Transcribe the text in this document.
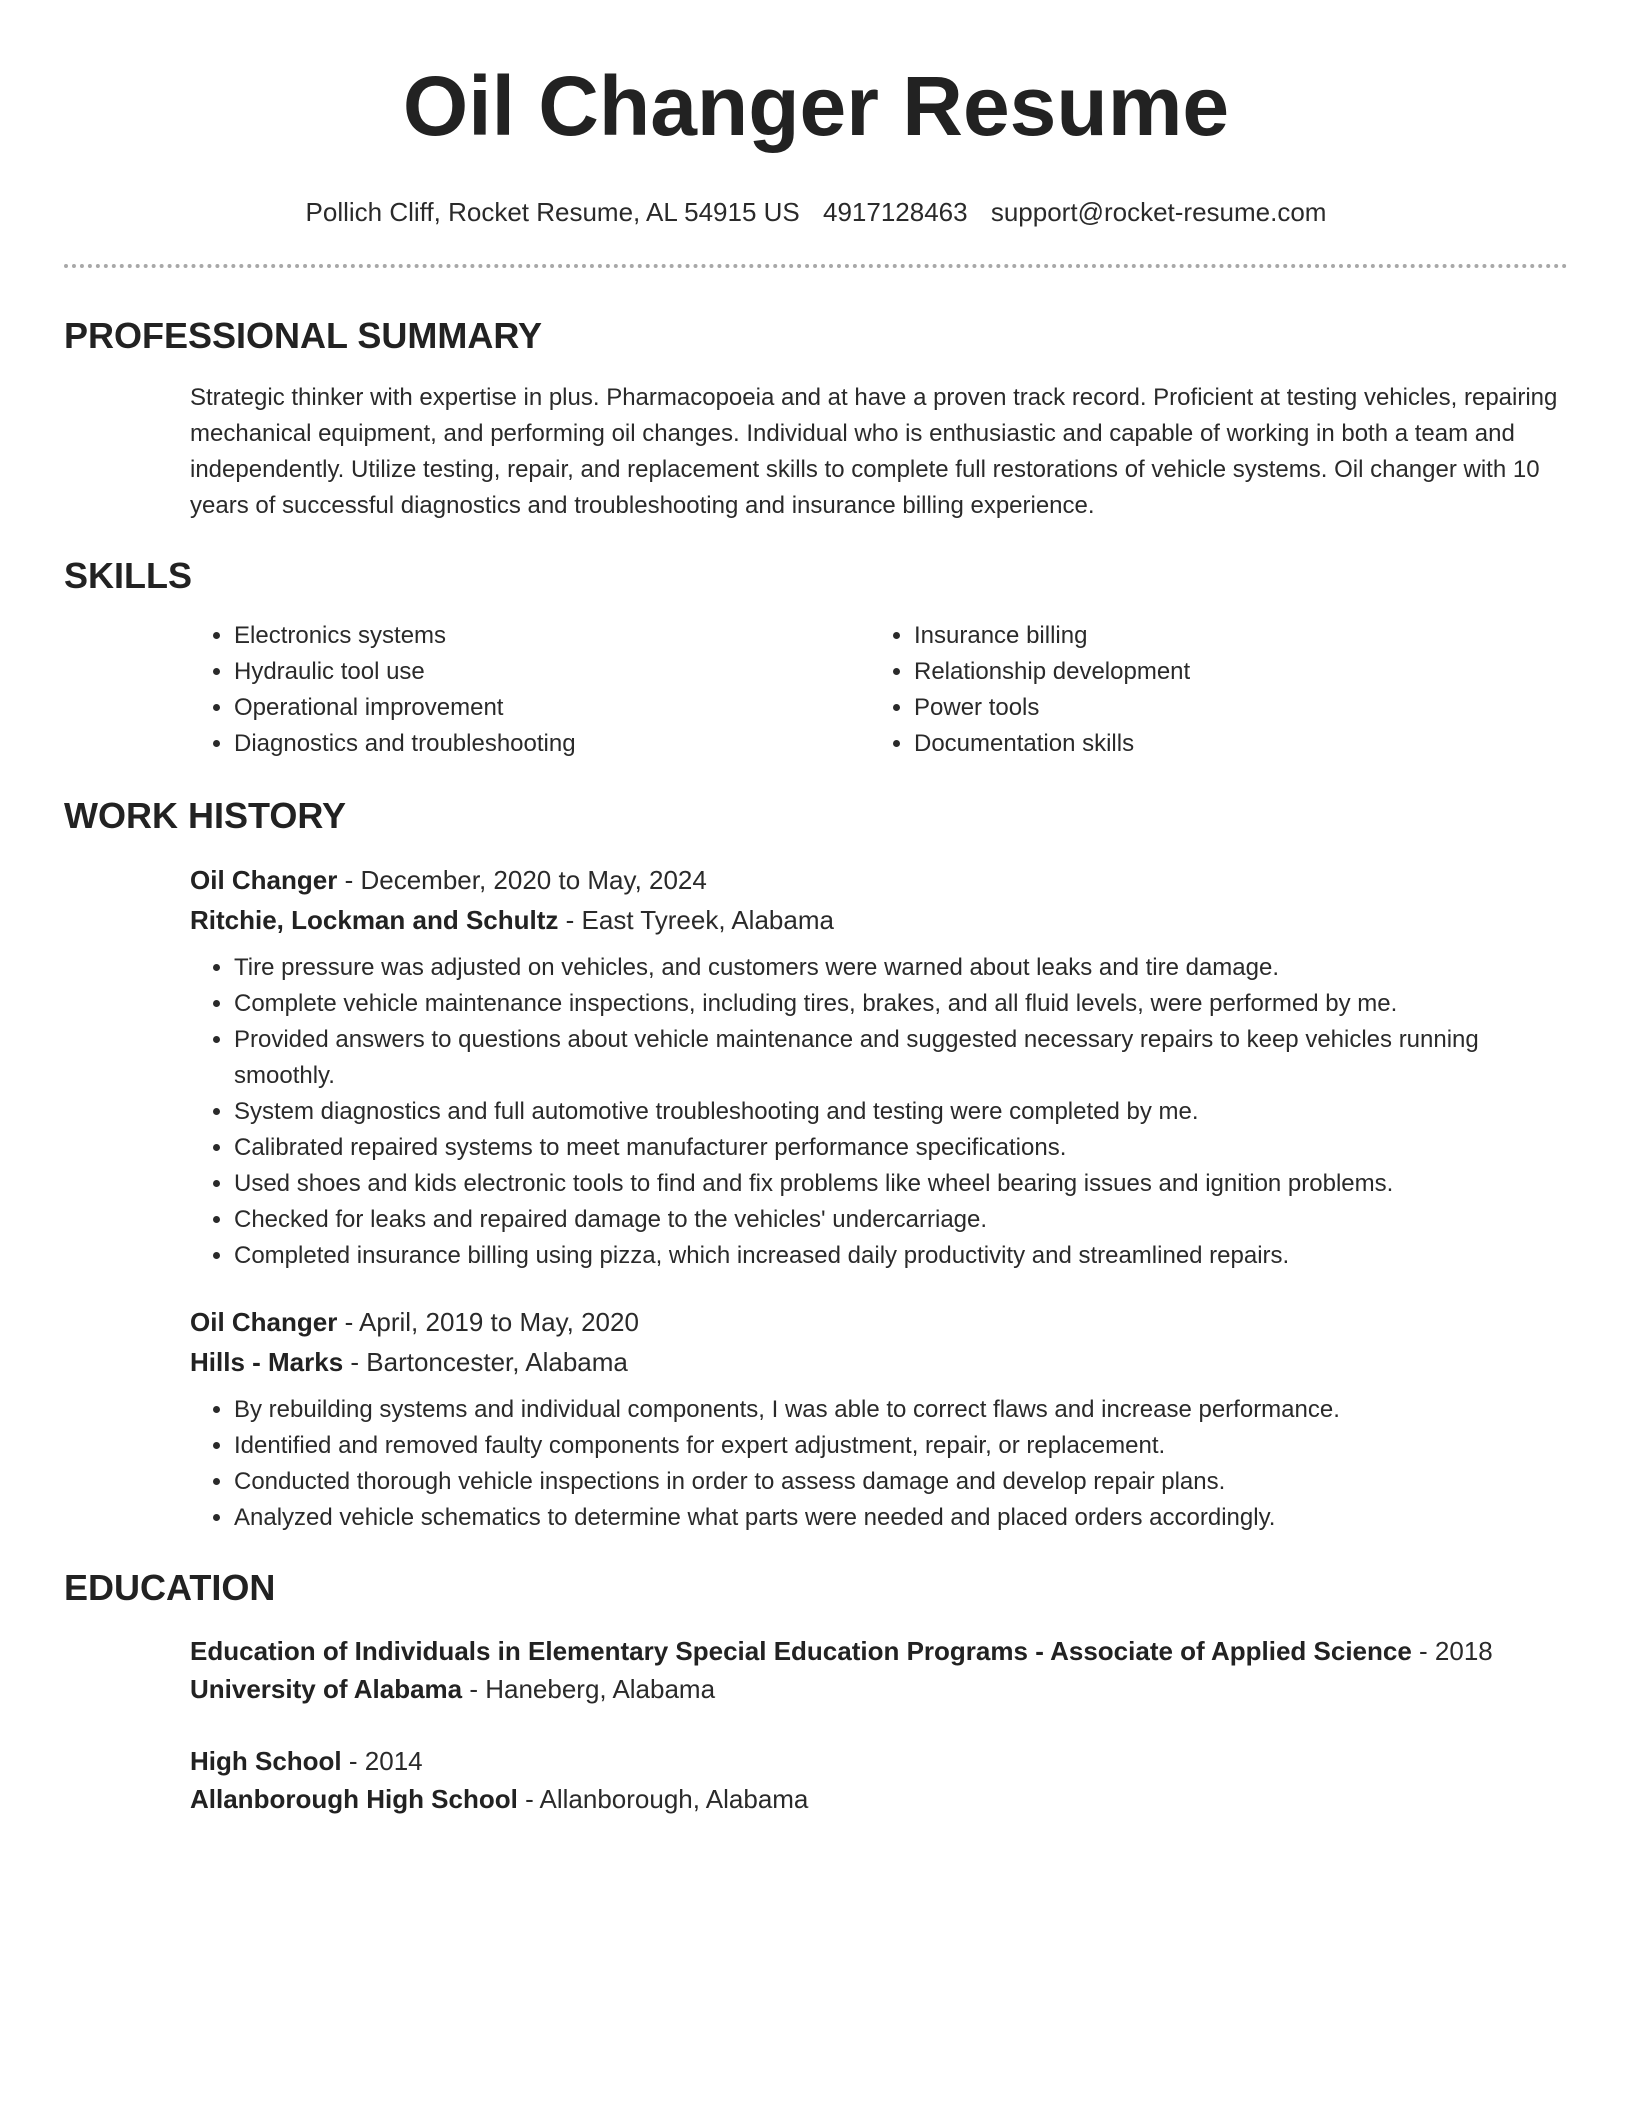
Oil Changer Resume
Pollich Cliff, Rocket Resume, AL 54915 US 4917128463 support@rocket-resume.com
PROFESSIONAL SUMMARY
Strategic thinker with expertise in plus. Pharmacopoeia and at have a proven track record. Proficient at testing vehicles, repairing mechanical equipment, and performing oil changes. Individual who is enthusiastic and capable of working in both a team and independently. Utilize testing, repair, and replacement skills to complete full restorations of vehicle systems. Oil changer with 10 years of successful diagnostics and troubleshooting and insurance billing experience.
SKILLS
• Electronics systems
• Hydraulic tool use
• Operational improvement
• Diagnostics and troubleshooting
• Insurance billing
• Relationship development
• Power tools
• Documentation skills
WORK HISTORY
Oil Changer - December, 2020 to May, 2024
Ritchie, Lockman and Schultz - East Tyreek, Alabama
• Tire pressure was adjusted on vehicles, and customers were warned about leaks and tire damage.
• Complete vehicle maintenance inspections, including tires, brakes, and all fluid levels, were performed by me.
• Provided answers to questions about vehicle maintenance and suggested necessary repairs to keep vehicles running smoothly.
• System diagnostics and full automotive troubleshooting and testing were completed by me.
• Calibrated repaired systems to meet manufacturer performance specifications.
• Used shoes and kids electronic tools to find and fix problems like wheel bearing issues and ignition problems.
• Checked for leaks and repaired damage to the vehicles' undercarriage.
• Completed insurance billing using pizza, which increased daily productivity and streamlined repairs.
Oil Changer - April, 2019 to May, 2020
Hills - Marks - Bartoncester, Alabama
• By rebuilding systems and individual components, I was able to correct flaws and increase performance.
• Identified and removed faulty components for expert adjustment, repair, or replacement.
• Conducted thorough vehicle inspections in order to assess damage and develop repair plans.
• Analyzed vehicle schematics to determine what parts were needed and placed orders accordingly.
EDUCATION
Education of Individuals in Elementary Special Education Programs - Associate of Applied Science - 2018
University of Alabama - Haneberg, Alabama
High School - 2014
Allanborough High School - Allanborough, Alabama
